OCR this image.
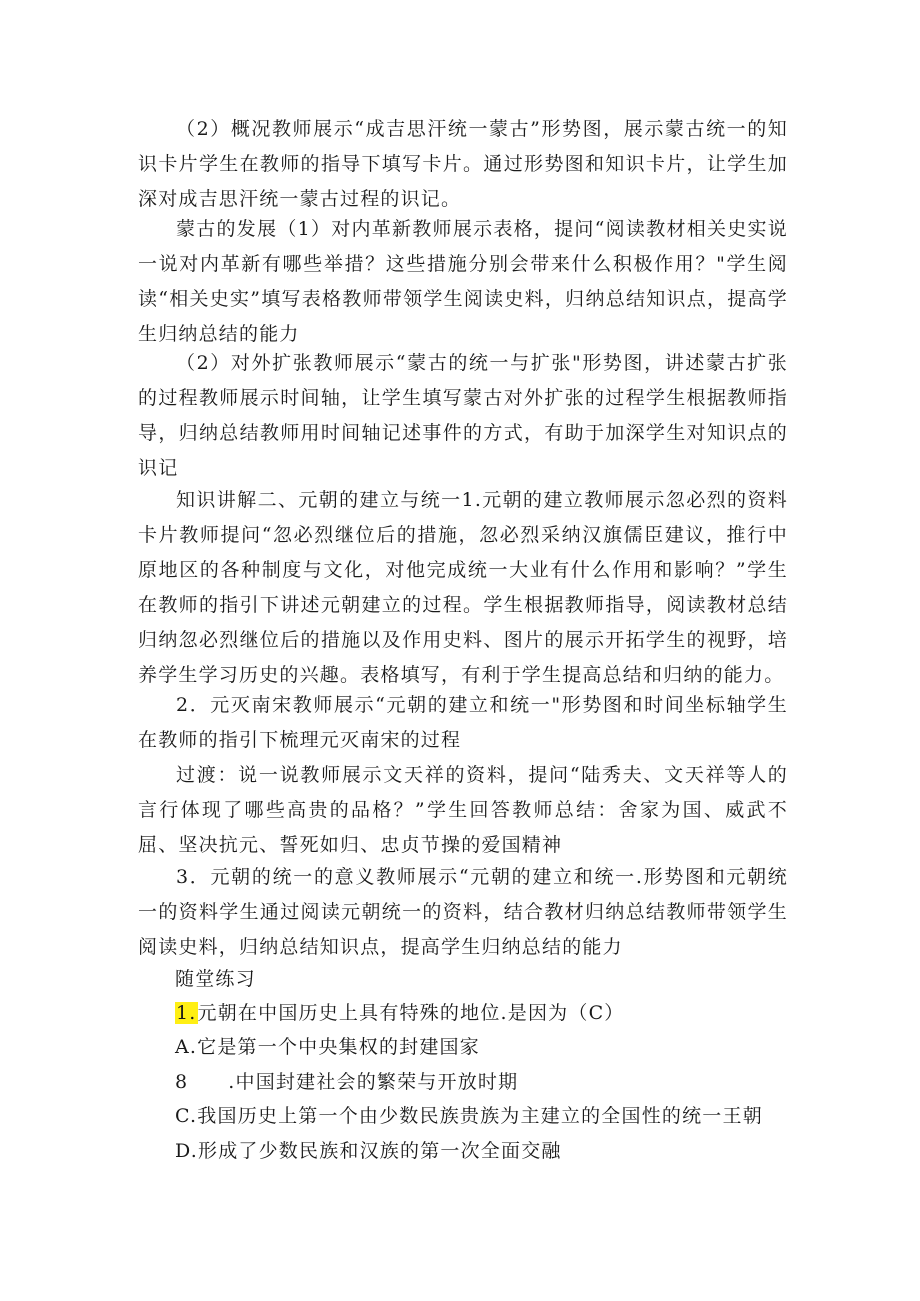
（2）概况教师展示“成吉思汗统一蒙古”形势图，展示蒙古统一的知识卡片学生在教师的指导下填写卡片。通过形势图和知识卡片，让学生加深对成吉思汗统一蒙古过程的识记。

蒙古的发展（1）对内革新教师展示表格，提问“阅读教材相关史实说一说对内革新有哪些举措？这些措施分别会带来什么积极作用？"学生阅读“相关史实”填写表格教师带领学生阅读史料，归纳总结知识点，提高学生归纳总结的能力

（2）对外扩张教师展示“蒙古的统一与扩张"形势图，讲述蒙古扩张的过程教师展示时间轴，让学生填写蒙古对外扩张的过程学生根据教师指导，归纳总结教师用时间轴记述事件的方式，有助于加深学生对知识点的识记

知识讲解二、元朝的建立与统一1.元朝的建立教师展示忽必烈的资料卡片教师提问“忽必烈继位后的措施，忽必烈采纳汉旗儒臣建议，推行中原地区的各种制度与文化，对他完成统一大业有什么作用和影响？”学生在教师的指引下讲述元朝建立的过程。学生根据教师指导，阅读教材总结归纳忽必烈继位后的措施以及作用史料、图片的展示开拓学生的视野，培养学生学习历史的兴趣。表格填写，有利于学生提高总结和归纳的能力。

2．元灭南宋教师展示“元朝的建立和统一"形势图和时间坐标轴学生在教师的指引下梳理元灭南宋的过程

过渡：说一说教师展示文天祥的资料，提问“陆秀夫、文天祥等人的言行体现了哪些高贵的品格？”学生回答教师总结：舍家为国、威武不屈、坚决抗元、誓死如归、忠贞节操的爱国精神

3．元朝的统一的意义教师展示“元朝的建立和统一.形势图和元朝统一的资料学生通过阅读元朝统一的资料，结合教材归纳总结教师带领学生阅读史料，归纳总结知识点，提高学生归纳总结的能力

随堂练习

1.元朝在中国历史上具有特殊的地位.是因为（C）

A.它是第一个中央集权的封建国家

8 .中国封建社会的繁荣与开放时期

C.我国历史上第一个由少数民族贵族为主建立的全国性的统一王朝

D.形成了少数民族和汉族的第一次全面交融
